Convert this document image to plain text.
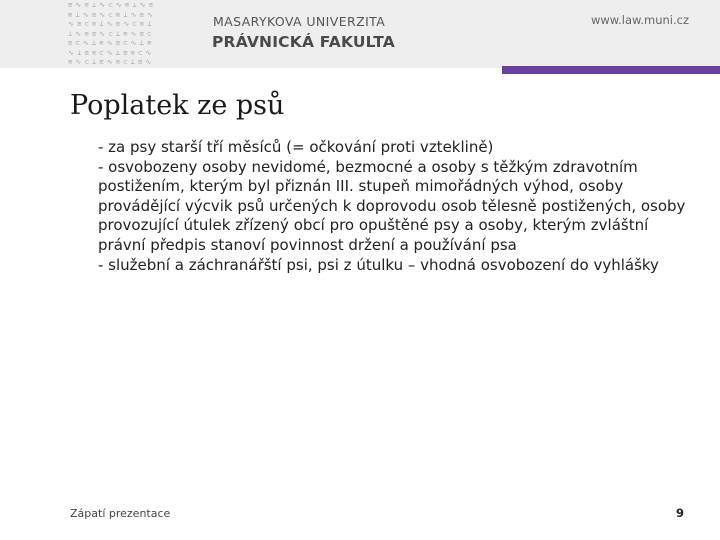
≡∿≋⊥∿⊂∿≋⊥∿≡
≋⊥∿≡∿⊂≋⊥∿≡∿
∿≡⊂≋⊥∿≡∿⊂≋⊥
⊥∿≋≡∿⊂⊥≋∿≡⊂
≡⊂∿⊥≋∿≡⊂∿⊥≋
∿⊥≡≋⊂∿⊥≡≋⊂∿
≋∿⊂⊥≡∿≋⊂⊥≡∿
MASARYKOVA UNIVERZITA
PRÁVNICKÁ FAKULTA
www.law.muni.cz
Poplatek ze psů

- za psy starší tří měsíců (= očkování proti vzteklině)

- osvobozeny osoby nevidomé, bezmocné a osoby s těžkým zdravotním postižením, kterým byl přiznán III. stupeň mimořádných výhod, osoby provádějící výcvik psů určených k doprovodu osob tělesně postižených, osoby provozující útulek zřízený obcí pro opuštěné psy a osoby, kterým zvláštní právní předpis stanoví povinnost držení a používání psa

- služební a záchranářští psi, psi z útulku – vhodná osvobození do vyhlášky

Zápatí prezentace	9
